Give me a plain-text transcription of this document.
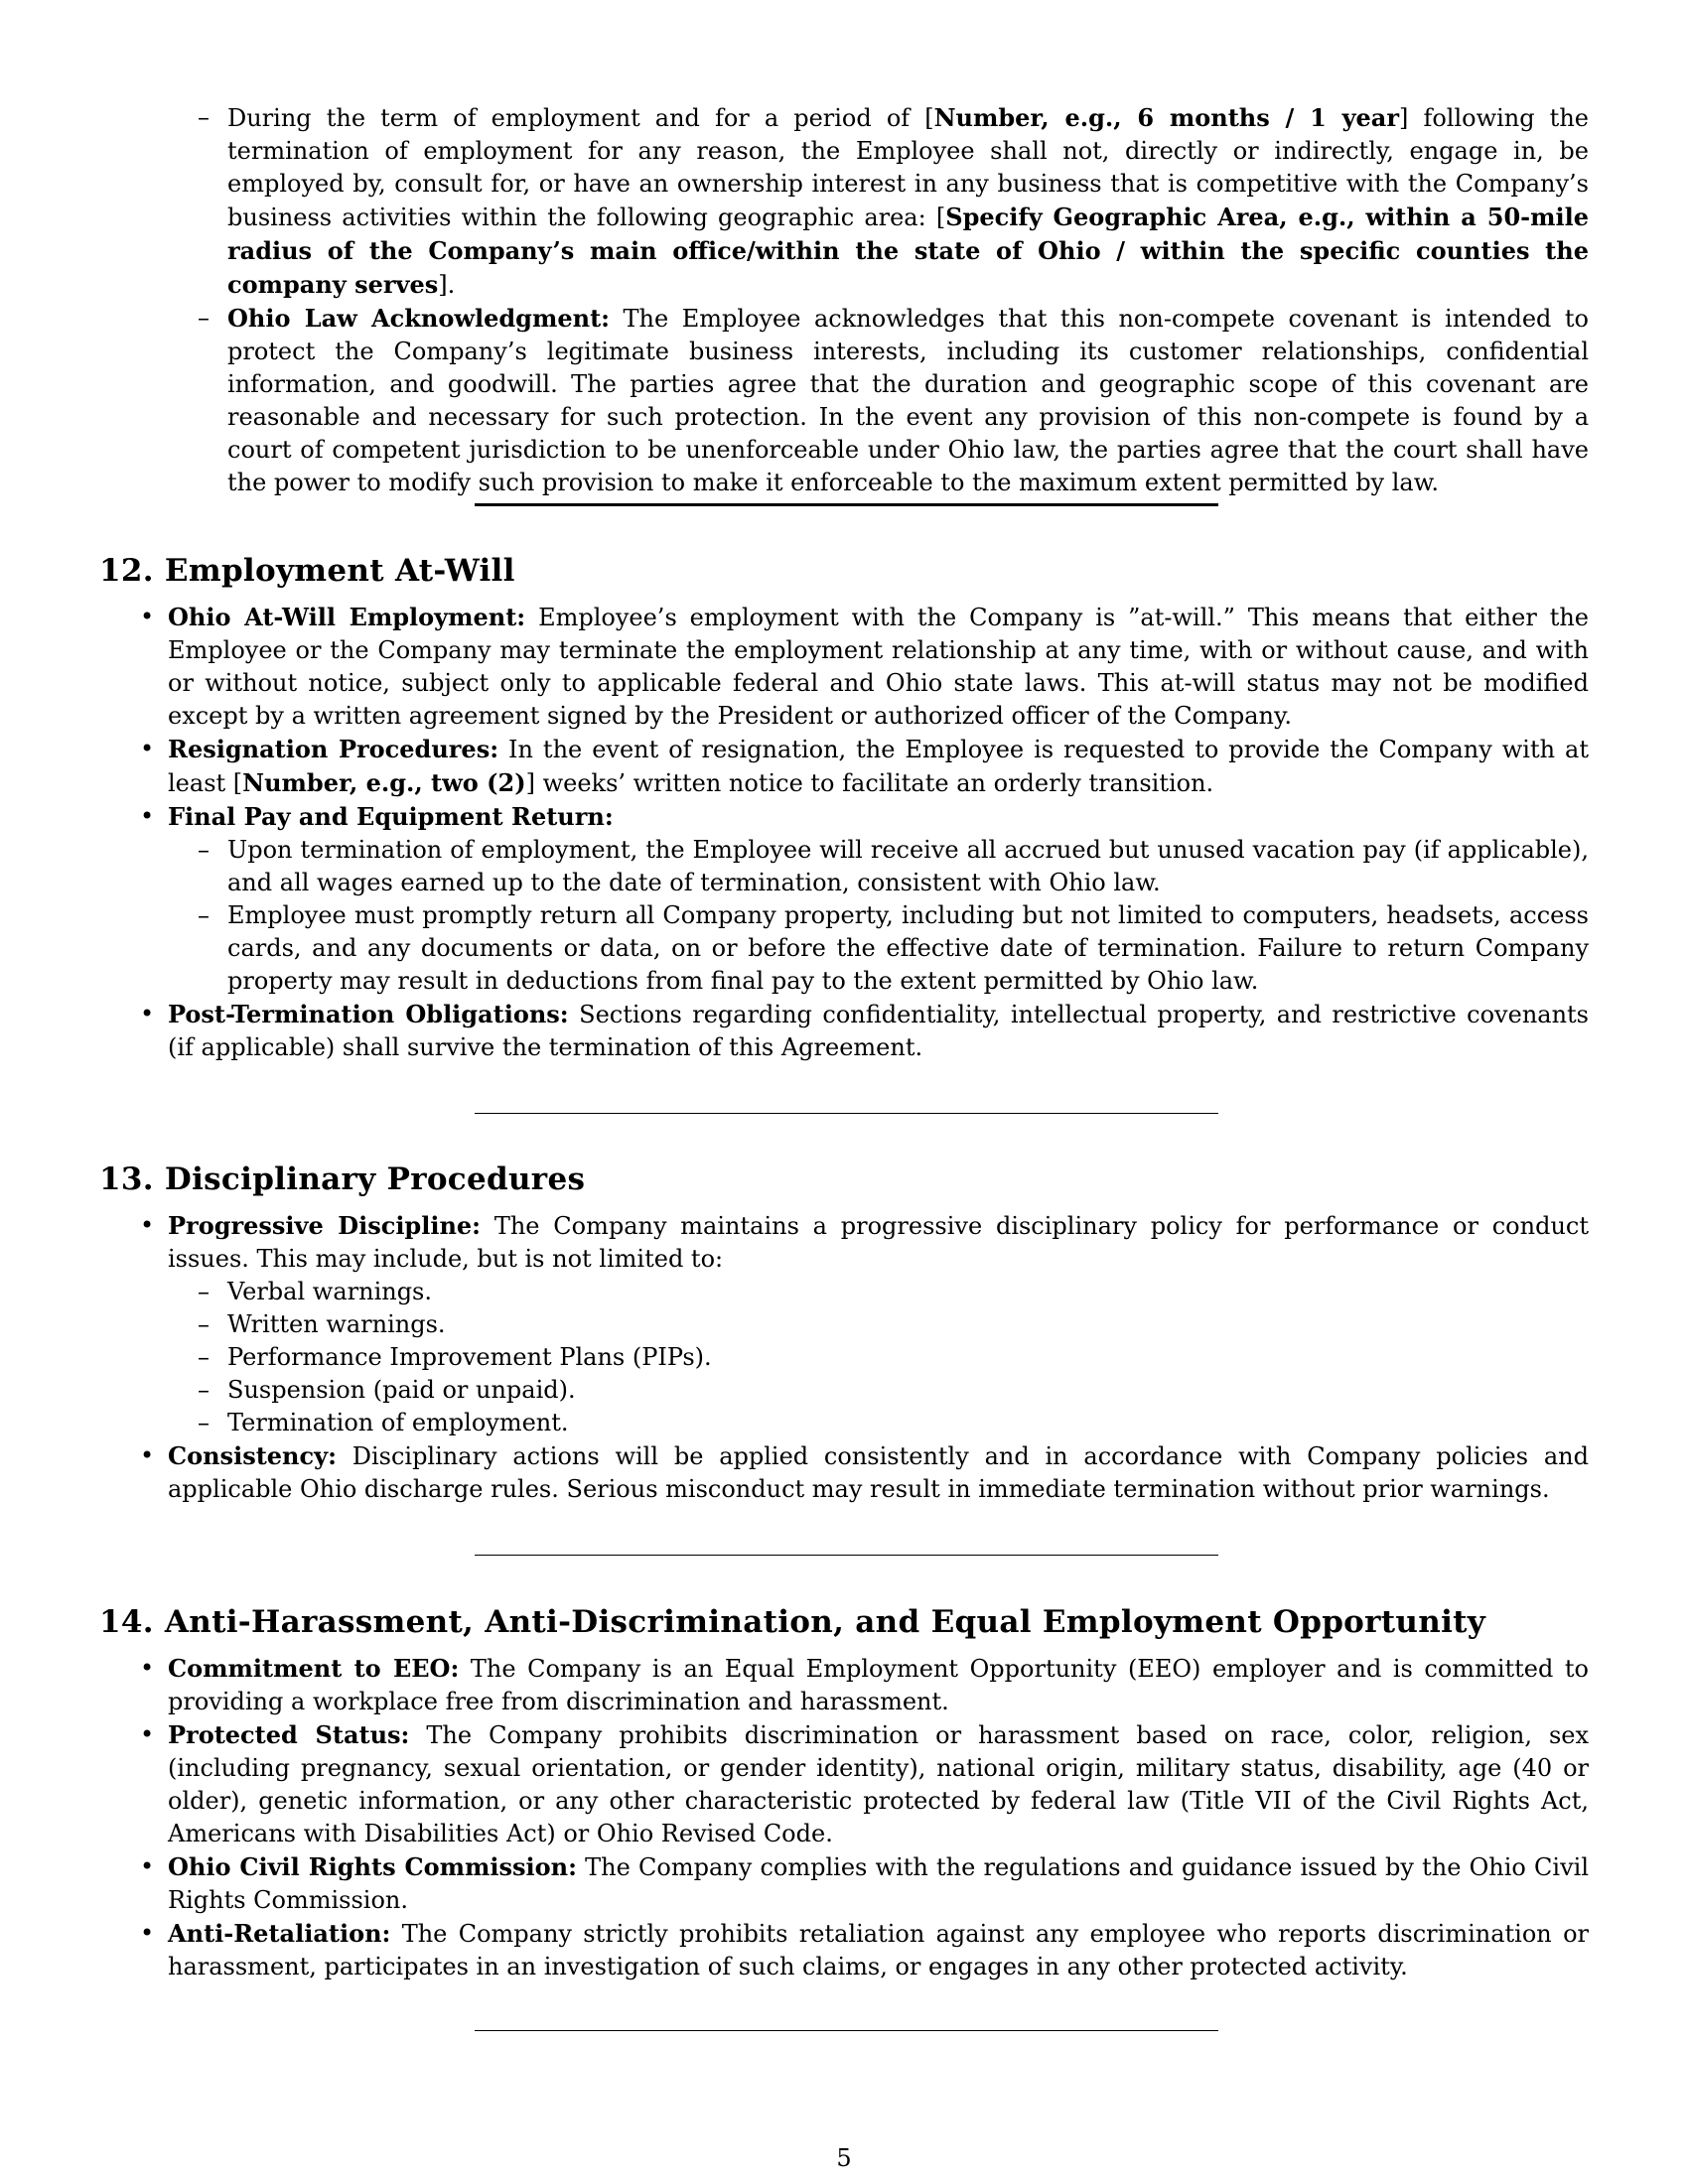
– During the term of employment and for a period of [Number, e.g., 6 months / 1 year] following the termination of employment for any reason, the Employee shall not, directly or indirectly, engage in, be employed by, consult for, or have an ownership interest in any business that is competitive with the Company’s business activities within the following geographic area: [Specify Geographic Area, e.g., within a 50-mile radius of the Company’s main office/within the state of Ohio / within the specific counties the company serves].
– Ohio Law Acknowledgment: The Employee acknowledges that this non-compete covenant is intended to protect the Company’s legitimate business interests, including its customer relationships, confidential information, and goodwill. The parties agree that the duration and geographic scope of this covenant are reasonable and necessary for such protection. In the event any provision of this non-compete is found by a court of competent jurisdiction to be unenforceable under Ohio law, the parties agree that the court shall have the power to modify such provision to make it enforceable to the maximum extent permitted by law.
12. Employment At-Will
• Ohio At-Will Employment: Employee’s employment with the Company is ”at-will.” This means that either the Employee or the Company may terminate the employment relationship at any time, with or without cause, and with or without notice, subject only to applicable federal and Ohio state laws. This at-will status may not be modified except by a written agreement signed by the President or authorized officer of the Company.
• Resignation Procedures: In the event of resignation, the Employee is requested to provide the Company with at least [Number, e.g., two (2)] weeks’ written notice to facilitate an orderly transition.
• Final Pay and Equipment Return:
– Upon termination of employment, the Employee will receive all accrued but unused vacation pay (if applicable), and all wages earned up to the date of termination, consistent with Ohio law.
– Employee must promptly return all Company property, including but not limited to computers, headsets, access cards, and any documents or data, on or before the effective date of termination. Failure to return Company property may result in deductions from final pay to the extent permitted by Ohio law.
• Post-Termination Obligations: Sections regarding confidentiality, intellectual property, and restrictive covenants (if applicable) shall survive the termination of this Agreement.
13. Disciplinary Procedures
• Progressive Discipline: The Company maintains a progressive disciplinary policy for performance or conduct issues. This may include, but is not limited to:
– Verbal warnings.
– Written warnings.
– Performance Improvement Plans (PIPs).
– Suspension (paid or unpaid).
– Termination of employment.
• Consistency: Disciplinary actions will be applied consistently and in accordance with Company policies and applicable Ohio discharge rules. Serious misconduct may result in immediate termination without prior warnings.
14. Anti-Harassment, Anti-Discrimination, and Equal Employment Opportunity
• Commitment to EEO: The Company is an Equal Employment Opportunity (EEO) employer and is committed to providing a workplace free from discrimination and harassment.
• Protected Status: The Company prohibits discrimination or harassment based on race, color, religion, sex (including pregnancy, sexual orientation, or gender identity), national origin, military status, disability, age (40 or older), genetic information, or any other characteristic protected by federal law (Title VII of the Civil Rights Act, Americans with Disabilities Act) or Ohio Revised Code.
• Ohio Civil Rights Commission: The Company complies with the regulations and guidance issued by the Ohio Civil Rights Commission.
• Anti-Retaliation: The Company strictly prohibits retaliation against any employee who reports discrimination or harassment, participates in an investigation of such claims, or engages in any other protected activity.
5
